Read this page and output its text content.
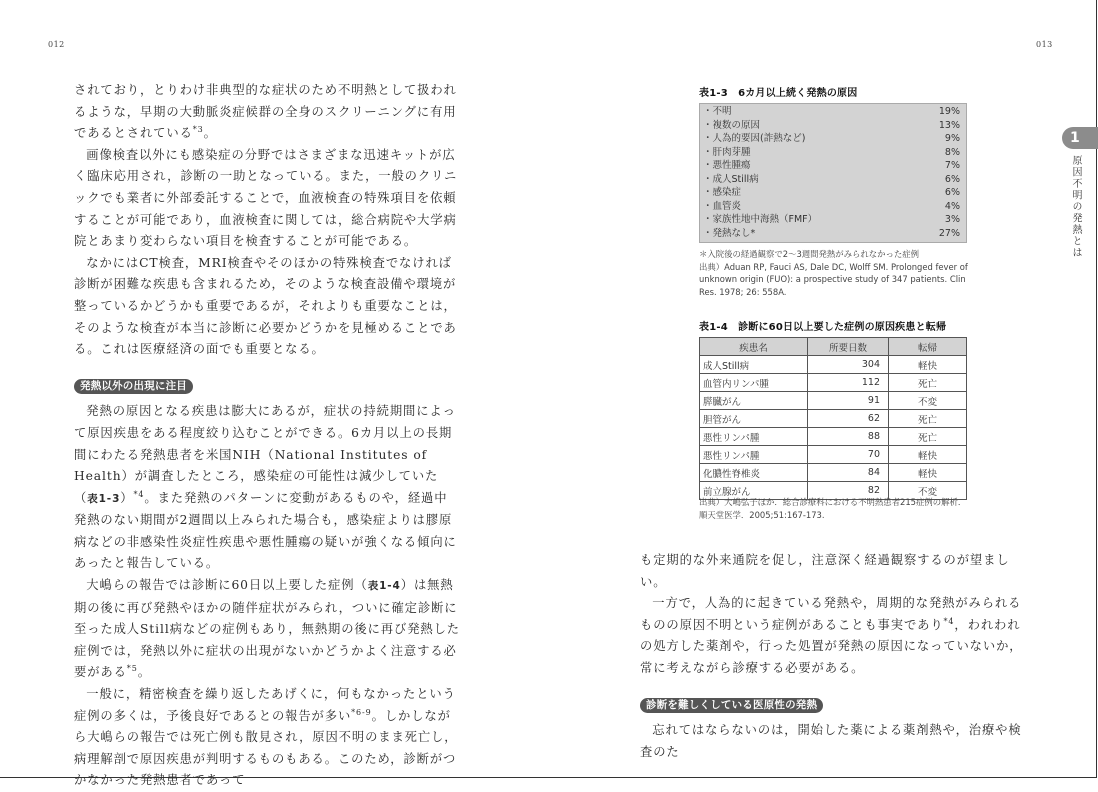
012	013

されており，とりわけ非典型的な症状のため不明熱として扱われるような，早期の大動脈炎症候群の全身のスクリーニングに有用であるとされている$^{*3}$。

画像検査以外にも感染症の分野ではさまざまな迅速キットが広く臨床応用され，診断の一助となっている。また，一般のクリニックでも業者に外部委託することで，血液検査の特殊項目を依頼することが可能であり，血液検査に関しては，総合病院や大学病院とあまり変わらない項目を検査することが可能である。

なかにはCT検査，MRI検査やそのほかの特殊検査でなければ診断が困難な疾患も含まれるため，そのような検査設備や環境が整っているかどうかも重要であるが，それよりも重要なことは，そのような検査が本当に診断に必要かどうかを見極めることである。これは医療経済の面でも重要となる。

発熱以外の出現に注目

発熱の原因となる疾患は膨大にあるが，症状の持続期間によって原因疾患をある程度絞り込むことができる。6カ月以上の長期間にわたる発熱患者を米国NIH（National Institutes of Health）が調査したところ，感染症の可能性は減少していた（表1-3）$^{*4}$。また発熱のパターンに変動があるものや，経過中発熱のない期間が2週間以上みられた場合も，感染症よりは膠原病などの非感染性炎症性疾患や悪性腫瘍の疑いが強くなる傾向にあったと報告している。

大嶋らの報告では診断に60日以上要した症例（表1-4）は無熱期の後に再び発熱やほかの随伴症状がみられ，ついに確定診断に至った成人Still病などの症例もあり，無熱期の後に再び発熱した症例では，発熱以外に症状の出現がないかどうかよく注意する必要がある$^{*5}$。

一般に，精密検査を繰り返したあげくに，何もなかったという症例の多くは，予後良好であるとの報告が多い$^{*6-9}$。しかしながら大嶋らの報告では死亡例も散見され，原因不明のまま死亡し，病理解剖で原因疾患が判明するものもある。このため，診断がつかなかった発熱患者であって

1
原因不明の発熱とは
表1-3　6カ月以上続く発熱の原因
・不明	19%
・複数の原因	13%
・人為的要因(詐熱など)	9%
・肝肉芽腫	8%
・悪性腫瘍	7%
・成人Still病	6%
・感染症	6%
・血管炎	4%
・家族性地中海熱（FMF）	3%
・発熱なし*	27%
＊入院後の経過観察で2～3週間発熱がみられなかった症例
出典）Aduan RP, Fauci AS, Dale DC, Wolff SM. Prolonged fever of unknown origin (FUO): a prospective study of 347 patients. Clin Res. 1978; 26: 558A.
表1-4　診断に60日以上要した症例の原因疾患と転帰
疾患名	所要日数	転帰
成人Still病	304	軽快
血管内リンパ腫	112	死亡
膵臓がん	91	不変
胆管がん	62	死亡
悪性リンパ腫	88	死亡
悪性リンパ腫	70	軽快
化膿性脊椎炎	84	軽快
前立腺がん	82	不変
出典）大嶋弘子ほか．総合診療科における不明熱患者215症例の解析．順天堂医学．2005;51:167-173.

も定期的な外来通院を促し，注意深く経過観察するのが望ましい。

一方で，人為的に起きている発熱や，周期的な発熱がみられるものの原因不明という症例があることも事実であり$^{*4}$，われわれの処方した薬剤や，行った処置が発熱の原因になっていないか，常に考えながら診療する必要がある。

診断を難しくしている医原性の発熱

忘れてはならないのは，開始した薬による薬剤熱や，治療や検査のた
